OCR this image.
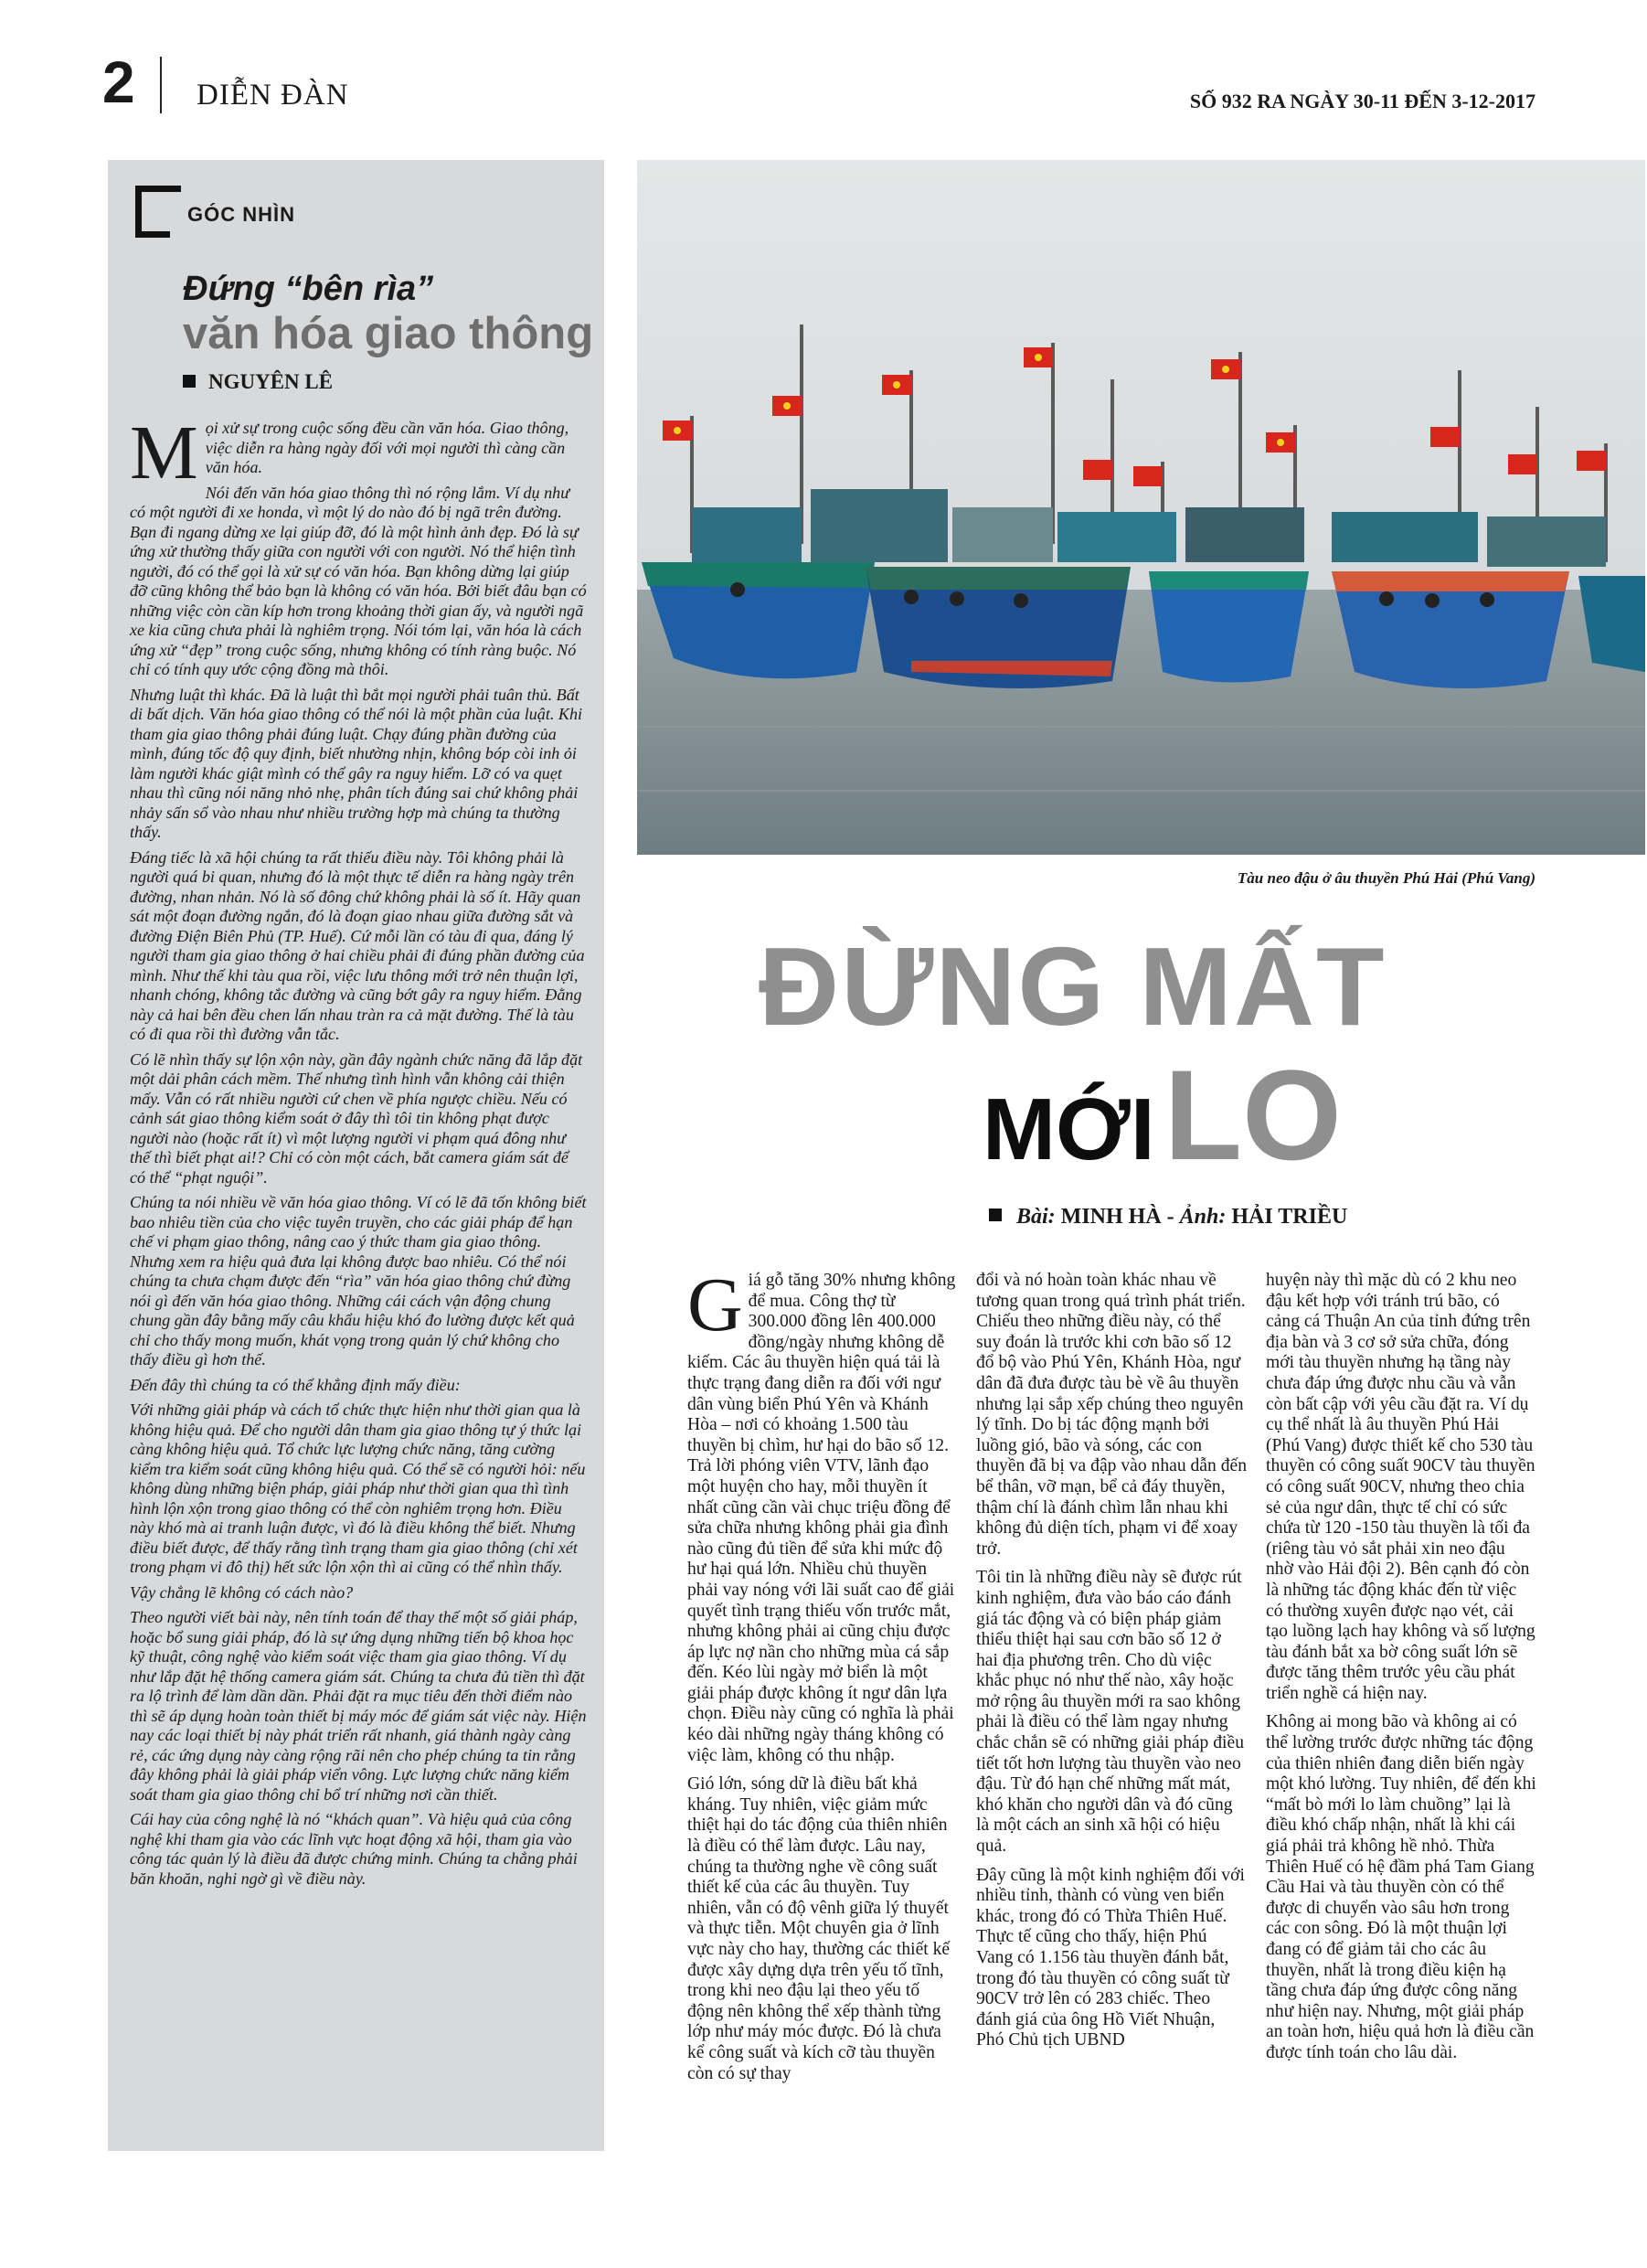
2 DIỄN ĐÀN	SỐ 932 RA NGÀY 30-11 ĐẾN 3-12-2017
GÓC NHÌN
Đứng “bên rìa”
văn hóa giao thông
NGUYÊN LÊ

Mọi xử sự trong cuộc sống đều cần văn hóa. Giao thông, việc diễn ra hàng ngày đối với mọi người thì càng cần văn hóa.

Nói đến văn hóa giao thông thì nó rộng lắm. Ví dụ như có một người đi xe honda, vì một lý do nào đó bị ngã trên đường. Bạn đi ngang dừng xe lại giúp đỡ, đó là một hình ảnh đẹp. Đó là sự ứng xử thường thấy giữa con người với con người. Nó thể hiện tình người, đó có thể gọi là xử sự có văn hóa. Bạn không dừng lại giúp đỡ cũng không thể bảo bạn là không có văn hóa. Bởi biết đâu bạn có những việc còn cần kíp hơn trong khoảng thời gian ấy, và người ngã xe kia cũng chưa phải là nghiêm trọng. Nói tóm lại, văn hóa là cách ứng xử “đẹp” trong cuộc sống, nhưng không có tính ràng buộc. Nó chỉ có tính quy ước cộng đồng mà thôi.

Nhưng luật thì khác. Đã là luật thì bắt mọi người phải tuân thủ. Bất di bất dịch. Văn hóa giao thông có thể nói là một phần của luật. Khi tham gia giao thông phải đúng luật. Chạy đúng phần đường của mình, đúng tốc độ quy định, biết nhường nhịn, không bóp còi inh ỏi làm người khác giật mình có thể gây ra nguy hiểm. Lỡ có va quẹt nhau thì cũng nói năng nhỏ nhẹ, phân tích đúng sai chứ không phải nhảy sấn sổ vào nhau như nhiều trường hợp mà chúng ta thường thấy.

Đáng tiếc là xã hội chúng ta rất thiếu điều này. Tôi không phải là người quá bi quan, nhưng đó là một thực tế diễn ra hàng ngày trên đường, nhan nhản. Nó là số đông chứ không phải là số ít. Hãy quan sát một đoạn đường ngắn, đó là đoạn giao nhau giữa đường sắt và đường Điện Biên Phủ (TP. Huế). Cứ mỗi lần có tàu đi qua, đáng lý người tham gia giao thông ở hai chiều phải đi đúng phần đường của mình. Như thế khi tàu qua rồi, việc lưu thông mới trở nên thuận lợi, nhanh chóng, không tắc đường và cũng bớt gây ra nguy hiểm. Đằng này cả hai bên đều chen lấn nhau tràn ra cả mặt đường. Thế là tàu có đi qua rồi thì đường vẫn tắc.

Có lẽ nhìn thấy sự lộn xộn này, gần đây ngành chức năng đã lắp đặt một dải phân cách mềm. Thế nhưng tình hình vẫn không cải thiện mấy. Vẫn có rất nhiều người cứ chen về phía ngược chiều. Nếu có cảnh sát giao thông kiểm soát ở đây thì tôi tin không phạt được người nào (hoặc rất ít) vì một lượng người vi phạm quá đông như thế thì biết phạt ai!? Chỉ có còn một cách, bắt camera giám sát để có thể “phạt nguội”.

Chúng ta nói nhiều về văn hóa giao thông. Ví có lẽ đã tốn không biết bao nhiêu tiền của cho việc tuyên truyền, cho các giải pháp để hạn chế vi phạm giao thông, nâng cao ý thức tham gia giao thông. Nhưng xem ra hiệu quả đưa lại không được bao nhiêu. Có thể nói chúng ta chưa chạm được đến “rìa” văn hóa giao thông chứ đừng nói gì đến văn hóa giao thông. Những cái cách vận động chung chung gần đây bằng mấy câu khẩu hiệu khó đo lường được kết quả chỉ cho thấy mong muốn, khát vọng trong quản lý chứ không cho thấy điều gì hơn thế.

Đến đây thì chúng ta có thể khẳng định mấy điều:

Với những giải pháp và cách tổ chức thực hiện như thời gian qua là không hiệu quả. Để cho người dân tham gia giao thông tự ý thức lại càng không hiệu quả. Tổ chức lực lượng chức năng, tăng cường kiểm tra kiểm soát cũng không hiệu quả. Có thể sẽ có người hỏi: nếu không dùng những biện pháp, giải pháp như thời gian qua thì tình hình lộn xộn trong giao thông có thể còn nghiêm trọng hơn. Điều này khó mà ai tranh luận được, vì đó là điều không thể biết. Nhưng điều biết được, để thấy rằng tình trạng tham gia giao thông (chỉ xét trong phạm vi đô thị) hết sức lộn xộn thì ai cũng có thể nhìn thấy.

Vậy chẳng lẽ không có cách nào?

Theo người viết bài này, nên tính toán để thay thế một số giải pháp, hoặc bổ sung giải pháp, đó là sự ứng dụng những tiến bộ khoa học kỹ thuật, công nghệ vào kiểm soát việc tham gia giao thông. Ví dụ như lắp đặt hệ thống camera giám sát. Chúng ta chưa đủ tiền thì đặt ra lộ trình để làm dần dần. Phải đặt ra mục tiêu đến thời điểm nào thì sẽ áp dụng hoàn toàn thiết bị máy móc để giám sát việc này. Hiện nay các loại thiết bị này phát triển rất nhanh, giá thành ngày càng rẻ, các ứng dụng này càng rộng rãi nên cho phép chúng ta tin rằng đây không phải là giải pháp viển vông. Lực lượng chức năng kiểm soát tham gia giao thông chỉ bổ trí những nơi cần thiết.

Cái hay của công nghệ là nó “khách quan”. Và hiệu quả của công nghệ khi tham gia vào các lĩnh vực hoạt động xã hội, tham gia vào công tác quản lý là điều đã được chứng minh. Chúng ta chẳng phải băn khoăn, nghi ngờ gì về điều này.

Tàu neo đậu ở âu thuyền Phú Hải (Phú Vang)
ĐỪNG MẤT
MỚILO
Bài: MINH HÀ - Ảnh: HẢI TRIỀU

Giá gỗ tăng 30% nhưng không để mua. Công thợ từ 300.000 đồng lên 400.000 đồng/ngày nhưng không dễ kiếm. Các âu thuyền hiện quá tải là thực trạng đang diễn ra đối với ngư dân vùng biển Phú Yên và Khánh Hòa – nơi có khoảng 1.500 tàu thuyền bị chìm, hư hại do bão số 12. Trả lời phóng viên VTV, lãnh đạo một huyện cho hay, mỗi thuyền ít nhất cũng cần vài chục triệu đồng để sửa chữa nhưng không phải gia đình nào cũng đủ tiền để sửa khi mức độ hư hại quá lớn. Nhiều chủ thuyền phải vay nóng với lãi suất cao để giải quyết tình trạng thiếu vốn trước mắt, nhưng không phải ai cũng chịu được áp lực nợ nần cho những mùa cá sắp đến. Kéo lùi ngày mở biển là một giải pháp được không ít ngư dân lựa chọn. Điều này cũng có nghĩa là phải kéo dài những ngày tháng không có việc làm, không có thu nhập.

Gió lớn, sóng dữ là điều bất khả kháng. Tuy nhiên, việc giảm mức thiệt hại do tác động của thiên nhiên là điều có thể làm được. Lâu nay, chúng ta thường nghe về công suất thiết kế của các âu thuyền. Tuy nhiên, vẫn có độ vênh giữa lý thuyết và thực tiễn. Một chuyên gia ở lĩnh vực này cho hay, thường các thiết kế được xây dựng dựa trên yếu tố tĩnh, trong khi neo đậu lại theo yếu tố động nên không thể xếp thành từng lớp như máy móc được. Đó là chưa kể công suất và kích cỡ tàu thuyền còn có sự thay

đổi và nó hoàn toàn khác nhau về tương quan trong quá trình phát triển. Chiếu theo những điều này, có thể suy đoán là trước khi cơn bão số 12 đổ bộ vào Phú Yên, Khánh Hòa, ngư dân đã đưa được tàu bè về âu thuyền nhưng lại sắp xếp chúng theo nguyên lý tĩnh. Do bị tác động mạnh bởi luồng gió, bão và sóng, các con thuyền đã bị va đập vào nhau dẫn đến bể thân, vỡ mạn, bể cả đáy thuyền, thậm chí là đánh chìm lẫn nhau khi không đủ diện tích, phạm vi để xoay trở.

Tôi tin là những điều này sẽ được rút kinh nghiệm, đưa vào báo cáo đánh giá tác động và có biện pháp giảm thiểu thiệt hại sau cơn bão số 12 ở hai địa phương trên. Cho dù việc khắc phục nó như thế nào, xây hoặc mở rộng âu thuyền mới ra sao không phải là điều có thể làm ngay nhưng chắc chắn sẽ có những giải pháp điều tiết tốt hơn lượng tàu thuyền vào neo đậu. Từ đó hạn chế những mất mát, khó khăn cho người dân và đó cũng là một cách an sinh xã hội có hiệu quả.

Đây cũng là một kinh nghiệm đối với nhiều tỉnh, thành có vùng ven biển khác, trong đó có Thừa Thiên Huế. Thực tế cũng cho thấy, hiện Phú Vang có 1.156 tàu thuyền đánh bắt, trong đó tàu thuyền có công suất từ 90CV trở lên có 283 chiếc. Theo đánh giá của ông Hồ Viết Nhuận, Phó Chủ tịch UBND

huyện này thì mặc dù có 2 khu neo đậu kết hợp với tránh trú bão, có cảng cá Thuận An của tỉnh đứng trên địa bàn và 3 cơ sở sửa chữa, đóng mới tàu thuyền nhưng hạ tầng này chưa đáp ứng được nhu cầu và vẫn còn bất cập với yêu cầu đặt ra. Ví dụ cụ thể nhất là âu thuyền Phú Hải (Phú Vang) được thiết kế cho 530 tàu thuyền có công suất 90CV tàu thuyền có công suất 90CV, nhưng theo chia sẻ của ngư dân, thực tế chỉ có sức chứa từ 120 -150 tàu thuyền là tối đa (riêng tàu vỏ sắt phải xin neo đậu nhờ vào Hải đội 2). Bên cạnh đó còn là những tác động khác đến từ việc có thường xuyên được nạo vét, cải tạo luồng lạch hay không và số lượng tàu đánh bắt xa bờ công suất lớn sẽ được tăng thêm trước yêu cầu phát triển nghề cá hiện nay.

Không ai mong bão và không ai có thể lường trước được những tác động của thiên nhiên đang diễn biến ngày một khó lường. Tuy nhiên, để đến khi “mất bò mới lo làm chuồng” lại là điều khó chấp nhận, nhất là khi cái giá phải trả không hề nhỏ. Thừa Thiên Huế có hệ đầm phá Tam Giang Cầu Hai và tàu thuyền còn có thể được di chuyển vào sâu hơn trong các con sông. Đó là một thuận lợi đang có để giảm tải cho các âu thuyền, nhất là trong điều kiện hạ tầng chưa đáp ứng được công năng như hiện nay. Nhưng, một giải pháp an toàn hơn, hiệu quả hơn là điều cần được tính toán cho lâu dài.
